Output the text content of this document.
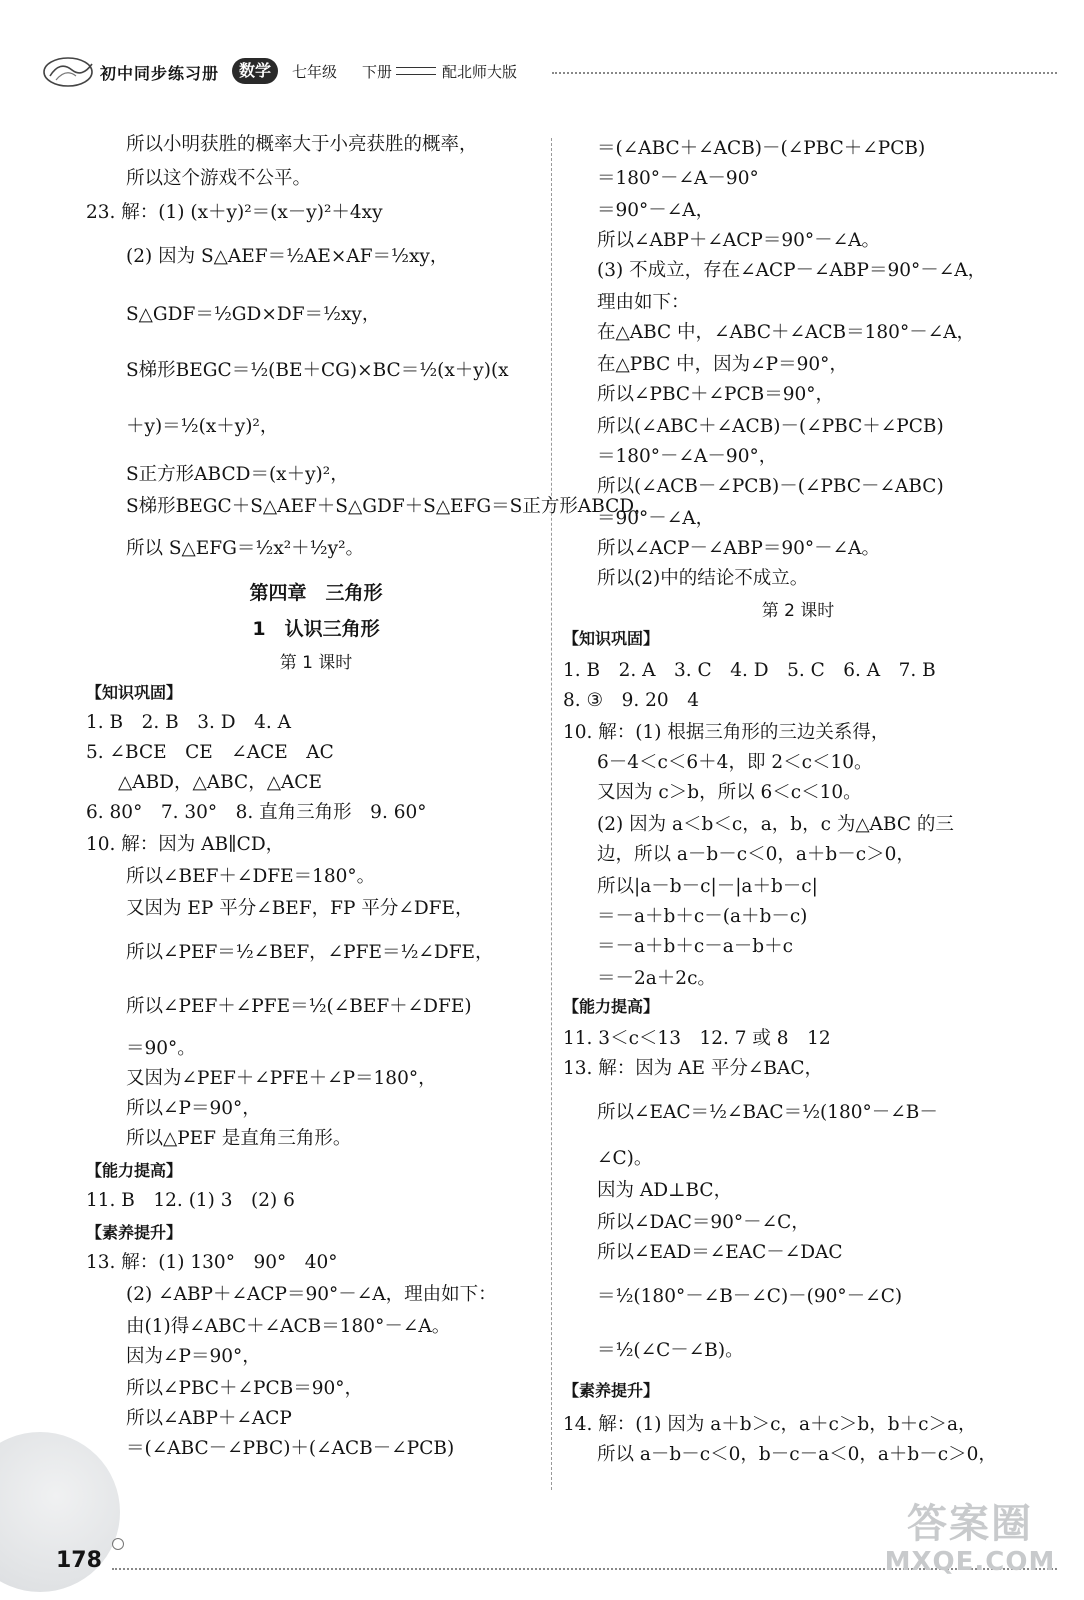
初中同步练习册	数学	七年级 下册	配北师大版
所以小明获胜的概率大于小亮获胜的概率，
所以这个游戏不公平。
23. 解：(1) (x＋y)²＝(x－y)²＋4xy
(2) 因为 S△AEF＝½AE×AF＝½xy，
S△GDF＝½GD×DF＝½xy，
S梯形BEGC＝½(BE＋CG)×BC＝½(x＋y)(x
＋y)＝½(x＋y)²，
S正方形ABCD＝(x＋y)²，
S梯形BEGC＋S△AEF＋S△GDF＋S△EFG＝S正方形ABCD，
所以 S△EFG＝½x²＋½y²。
第四章　三角形
1　认识三角形
第 1 课时
【知识巩固】
1. B　2. B　3. D　4. A
5. ∠BCE　CE　∠ACE　AC
△ABD，△ABC，△ACE
6. 80°　7. 30°　8. 直角三角形　9. 60°
10. 解：因为 AB∥CD，
所以∠BEF＋∠DFE＝180°。
又因为 EP 平分∠BEF，FP 平分∠DFE，
所以∠PEF＝½∠BEF，∠PFE＝½∠DFE，
所以∠PEF＋∠PFE＝½(∠BEF＋∠DFE)
＝90°。
又因为∠PEF＋∠PFE＋∠P＝180°，
所以∠P＝90°，
所以△PEF 是直角三角形。
【能力提高】
11. B　12. (1) 3　(2) 6
【素养提升】
13. 解：(1) 130°　90°　40°
(2) ∠ABP＋∠ACP＝90°－∠A，理由如下：
由(1)得∠ABC＋∠ACB＝180°－∠A。
因为∠P＝90°，
所以∠PBC＋∠PCB＝90°，
所以∠ABP＋∠ACP
＝(∠ABC－∠PBC)＋(∠ACB－∠PCB)
＝(∠ABC＋∠ACB)－(∠PBC＋∠PCB)
＝180°－∠A－90°
＝90°－∠A，
所以∠ABP＋∠ACP＝90°－∠A。
(3) 不成立，存在∠ACP－∠ABP＝90°－∠A，
理由如下：
在△ABC 中，∠ABC＋∠ACB＝180°－∠A，
在△PBC 中，因为∠P＝90°，
所以∠PBC＋∠PCB＝90°，
所以(∠ABC＋∠ACB)－(∠PBC＋∠PCB)
＝180°－∠A－90°，
所以(∠ACB－∠PCB)－(∠PBC－∠ABC)
＝90°－∠A，
所以∠ACP－∠ABP＝90°－∠A。
所以(2)中的结论不成立。
第 2 课时
【知识巩固】
1. B　2. A　3. C　4. D　5. C　6. A　7. B
8. ③　9. 20　4
10. 解：(1) 根据三角形的三边关系得，
6－4＜c＜6＋4，即 2＜c＜10。
又因为 c＞b，所以 6＜c＜10。
(2) 因为 a＜b＜c，a，b，c 为△ABC 的三
边，所以 a－b－c＜0，a＋b－c＞0，
所以|a－b－c|－|a＋b－c|
＝－a＋b＋c－(a＋b－c)
＝－a＋b＋c－a－b＋c
＝－2a＋2c。
【能力提高】
11. 3＜c＜13　12. 7 或 8　12
13. 解：因为 AE 平分∠BAC，
所以∠EAC＝½∠BAC＝½(180°－∠B－
∠C)。
因为 AD⊥BC，
所以∠DAC＝90°－∠C，
所以∠EAD＝∠EAC－∠DAC
＝½(180°－∠B－∠C)－(90°－∠C)
＝½(∠C－∠B)。
【素养提升】
14. 解：(1) 因为 a＋b＞c，a＋c＞b，b＋c＞a，
所以 a－b－c＜0，b－c－a＜0，a＋b－c＞0，
178
答案圈
MXQE.COM
